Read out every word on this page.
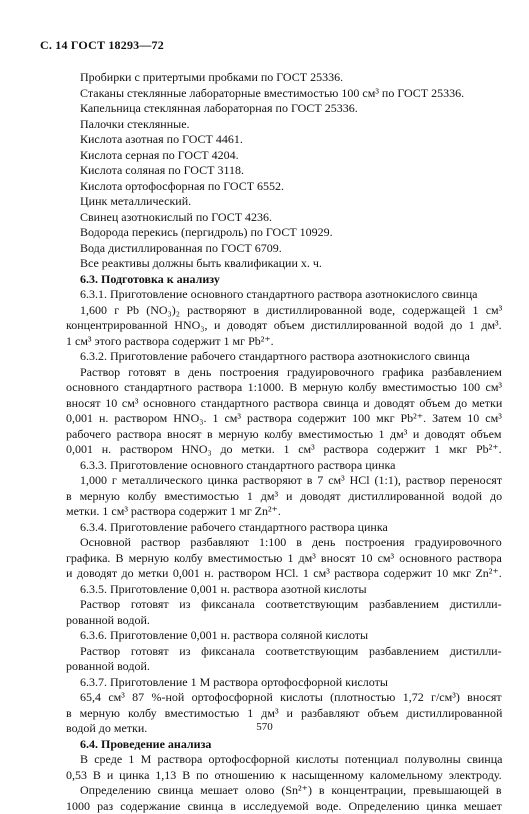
С. 14 ГОСТ 18293—72
Пробирки с притертыми пробками по ГОСТ 25336.
Стаканы стеклянные лабораторные вместимостью 100 см³ по ГОСТ 25336.
Капельница стеклянная лабораторная по ГОСТ 25336.
Палочки стеклянные.
Кислота азотная по ГОСТ 4461.
Кислота серная по ГОСТ 4204.
Кислота соляная по ГОСТ 3118.
Кислота ортофосфорная по ГОСТ 6552.
Цинк металлический.
Свинец азотнокислый по ГОСТ 4236.
Водорода перекись (пергидроль) по ГОСТ 10929.
Вода дистиллированная по ГОСТ 6709.
Все реактивы должны быть квалификации х. ч.
6.3. Подготовка к анализу
6.3.1. Приготовление основного стандартного раствора азотнокислого свинца
1,600 г Pb (NO₃)₂ растворяют в дистиллированной воде, содержащей 1 см³
концентрированной HNO₃, и доводят объем дистиллированной водой до 1 дм³.
1 см³ этого раствора содержит 1 мг Pb²⁺.
6.3.2. Приготовление рабочего стандартного раствора азотнокислого свинца
Раствор готовят в день построения градуировочного графика разбавлением
основного стандартного раствора 1:1000. В мерную колбу вместимостью 100 см³
вносят 10 см³ основного стандартного раствора свинца и доводят объем до метки
0,001 н. раствором HNO₃. 1 см³ раствора содержит 100 мкг Pb²⁺. Затем 10 см³
рабочего раствора вносят в мерную колбу вместимостью 1 дм³ и доводят объем
0,001 н. раствором HNO₃ до метки. 1 см³ раствора содержит 1 мкг Pb²⁺.
6.3.3. Приготовление основного стандартного раствора цинка
1,000 г металлического цинка растворяют в 7 см³ HCl (1:1), раствор переносят
в мерную колбу вместимостью 1 дм³ и доводят дистиллированной водой до
метки. 1 см³ раствора содержит 1 мг Zn²⁺.
6.3.4. Приготовление рабочего стандартного раствора цинка
Основной раствор разбавляют 1:100 в день построения градуировочного
графика. В мерную колбу вместимостью 1 дм³ вносят 10 см³ основного раствора
и доводят до метки 0,001 н. раствором HCl. 1 см³ раствора содержит 10 мкг Zn²⁺.
6.3.5. Приготовление 0,001 н. раствора азотной кислоты
Раствор готовят из фиксанала соответствующим разбавлением дистилли-
рованной водой.
6.3.6. Приготовление 0,001 н. раствора соляной кислоты
Раствор готовят из фиксанала соответствующим разбавлением дистилли-
рованной водой.
6.3.7. Приготовление 1 М раствора ортофосфорной кислоты
65,4 см³ 87 %-ной ортофосфорной кислоты (плотностью 1,72 г/см³) вносят
в мерную колбу вместимостью 1 дм³ и разбавляют объем дистиллированной
водой до метки.
6.4. Проведение анализа
В среде 1 М раствора ортофосфорной кислоты потенциал полуволны свинца
0,53 В и цинка 1,13 В по отношению к насыщенному каломельному электроду.
Определению свинца мешает олово (Sn²⁺) в концентрации, превышающей в
1000 раз содержание свинца в исследуемой воде. Определению цинка мешает
570
